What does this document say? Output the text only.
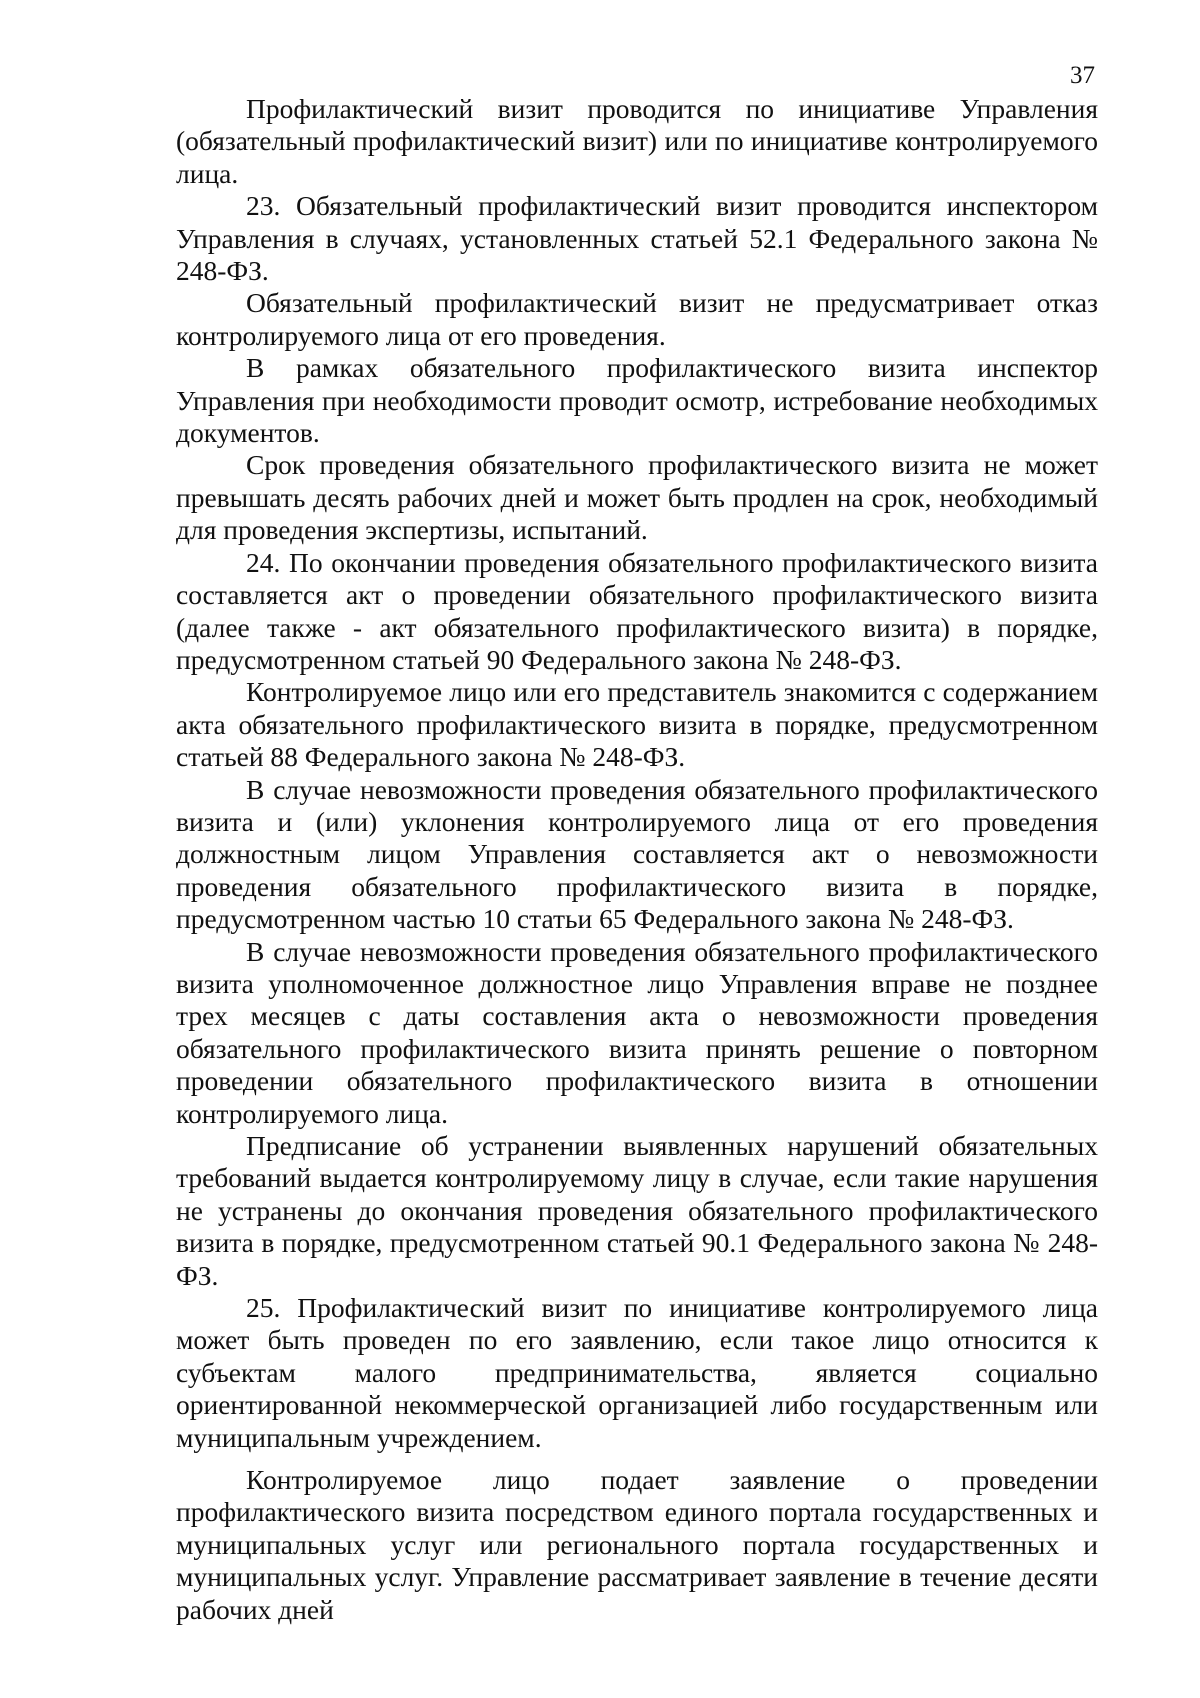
37

Профилактический визит проводится по инициативе Управления (обязательный профилактический визит) или по инициативе контролируемого лица.

23. Обязательный профилактический визит проводится инспектором Управления в случаях, установленных статьей 52.1 Федерального закона № 248-ФЗ.

Обязательный профилактический визит не предусматривает отказ контролируемого лица от его проведения.

В рамках обязательного профилактического визита инспектор Управления при необходимости проводит осмотр, истребование необходимых документов.

Срок проведения обязательного профилактического визита не может превышать десять рабочих дней и может быть продлен на срок, необходимый для проведения экспертизы, испытаний.

24. По окончании проведения обязательного профилактического визита составляется акт о проведении обязательного профилактического визита (далее также - акт обязательного профилактического визита) в порядке, предусмотренном статьей 90 Федерального закона № 248-ФЗ.

Контролируемое лицо или его представитель знакомится с содержанием акта обязательного профилактического визита в порядке, предусмотренном статьей 88 Федерального закона № 248-ФЗ.

В случае невозможности проведения обязательного профилактического визита и (или) уклонения контролируемого лица от его проведения должностным лицом Управления составляется акт о невозможности проведения обязательного профилактического визита в порядке, предусмотренном частью 10 статьи 65 Федерального закона № 248-ФЗ.

В случае невозможности проведения обязательного профилактического визита уполномоченное должностное лицо Управления вправе не позднее трех месяцев с даты составления акта о невозможности проведения обязательного профилактического визита принять решение о повторном проведении обязательного профилактического визита в отношении контролируемого лица.

Предписание об устранении выявленных нарушений обязательных требований выдается контролируемому лицу в случае, если такие нарушения не устранены до окончания проведения обязательного профилактического визита в порядке, предусмотренном статьей 90.1 Федерального закона № 248-ФЗ.

25. Профилактический визит по инициативе контролируемого лица может быть проведен по его заявлению, если такое лицо относится к субъектам малого предпринимательства, является социально ориентированной некоммерческой организацией либо государственным или муниципальным учреждением.

Контролируемое лицо подает заявление о проведении профилактического визита посредством единого портала государственных и муниципальных услуг или регионального портала государственных и муниципальных услуг. Управление рассматривает заявление в течение десяти рабочих дней
